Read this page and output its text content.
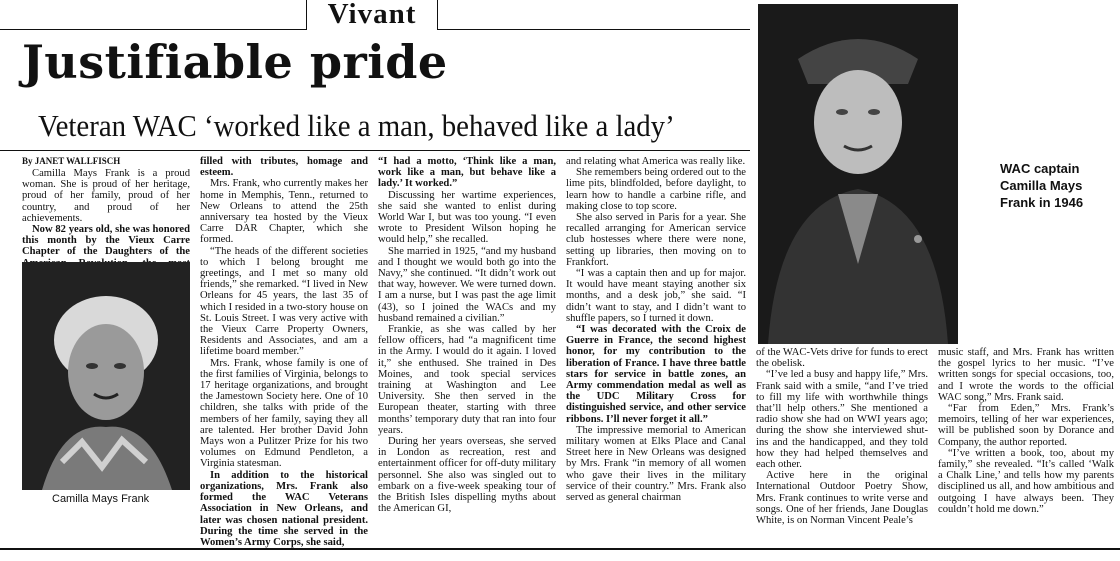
Vivant
Justifiable pride
Veteran WAC ‘worked like a man, behaved like a lady’
By JANET WALLFISCH

Camilla Mays Frank is a proud woman. She is proud of her heritage, proud of her family, proud of her country, and proud of her achievements.

Now 82 years old, she was honored this month by the Vieux Carre Chapter of the Daughters of the

Camilla Mays Frank

filled with tributes, homage and esteem.

Mrs. Frank, who currently makes her home in Memphis, Tenn., returned to New Orleans to attend the 25th anniversary tea hosted by the Vieux Carre DAR Chapter, which she formed.

“The heads of the different societies to which I belong brought me greetings, and I met so many old friends,” she remarked. “I lived in New Orleans for 45 years, the last 35 of which I resided in a two-story house on St. Louis Street. I was very active with the Vieux Carre Property Owners, Residents and Associates, and am a lifetime board member.”

Mrs. Frank, whose family is one of the first families of Virginia, belongs to 17 heritage organizations, and brought the Jamestown Society here. One of 10 children, she talks with pride of the members of her family, saying they all are talented. Her brother David John Mays won a Pulitzer Prize for his two volumes on Edmund Pendleton, a Virginia statesman.

In addition to the historical organizations, Mrs. Frank also formed the WAC Veterans Association in New Orleans, and later was chosen national president. During the time she served in the Women’s Army Corps, she said,

“I had a motto, ‘Think like a man, work like a man, but behave like a lady.’ It worked.”

Discussing her wartime experiences, she said she wanted to enlist during World War I, but was too young. “I even wrote to President Wilson hoping he would help,” she recalled.

She married in 1925, “and my husband and I thought we would both go into the Navy,” she continued. “It didn’t work out that way, however. We were turned down. I am a nurse, but I was past the age limit (43), so I joined the WACs and my husband remained a civilian.”

Frankie, as she was called by her fellow officers, had “a magnificent time in the Army. I would do it again. I loved it,” she enthused. She trained in Des Moines, and took special services training at Washington and Lee University. She then served in the European theater, starting with three months’ temporary duty that ran into four years.

During her years overseas, she served in London as recreation, rest and entertainment officer for off-duty military personnel. She also was singled out to embark on a five-week speaking tour of the British Isles dispelling myths about the American GI,

and relating what America was really like.

She remembers being ordered out to the lime pits, blindfolded, before daylight, to learn how to handle a carbine rifle, and making close to top score.

She also served in Paris for a year. She recalled arranging for American service club hostesses where there were none, setting up libraries, then moving on to Frankfort.

“I was a captain then and up for major. It would have meant staying another six months, and a desk job,” she said. “I didn’t want to stay, and I didn’t want to shuffle papers, so I turned it down.

“I was decorated with the Croix de Guerre in France, the second highest honor, for my contribution to the liberation of France. I have three battle stars for service in battle zones, an Army commendation medal as well as the UDC Military Cross for distinguished service, and other service ribbons. I’ll never forget it all.”

The impressive memorial to American military women at Elks Place and Canal Street here in New Orleans was designed by Mrs. Frank “in memory of all women who gave their lives in the military service of their country.” Mrs. Frank also served as general chairman

WAC captain Camilla Mays Frank in 1946

of the WAC-Vets drive for funds to erect the obelisk.

“I’ve led a busy and happy life,” Mrs. Frank said with a smile, “and I’ve tried to fill my life with worthwhile things that’ll help others.” She mentioned a radio show she had on WWI years ago; during the show she interviewed shut-ins and the handicapped, and they told how they had helped themselves and each other.

Active here in the original International Outdoor Poetry Show, Mrs. Frank continues to write verse and songs. One of her friends, Jane Douglas White, is on Norman Vincent Peale’s

music staff, and Mrs. Frank has written the gospel lyrics to her music. “I’ve written songs for special occasions, too, and I wrote the words to the official WAC song,” Mrs. Frank said.

“Far from Eden,” Mrs. Frank’s memoirs, telling of her war experiences, will be published soon by Dorance and Company, the author reported.

“I’ve written a book, too, about my family,” she revealed. “It’s called ‘Walk a Chalk Line,’ and tells how my parents disciplined us all, and how ambitious and outgoing I have always been. They couldn’t hold me down.”
